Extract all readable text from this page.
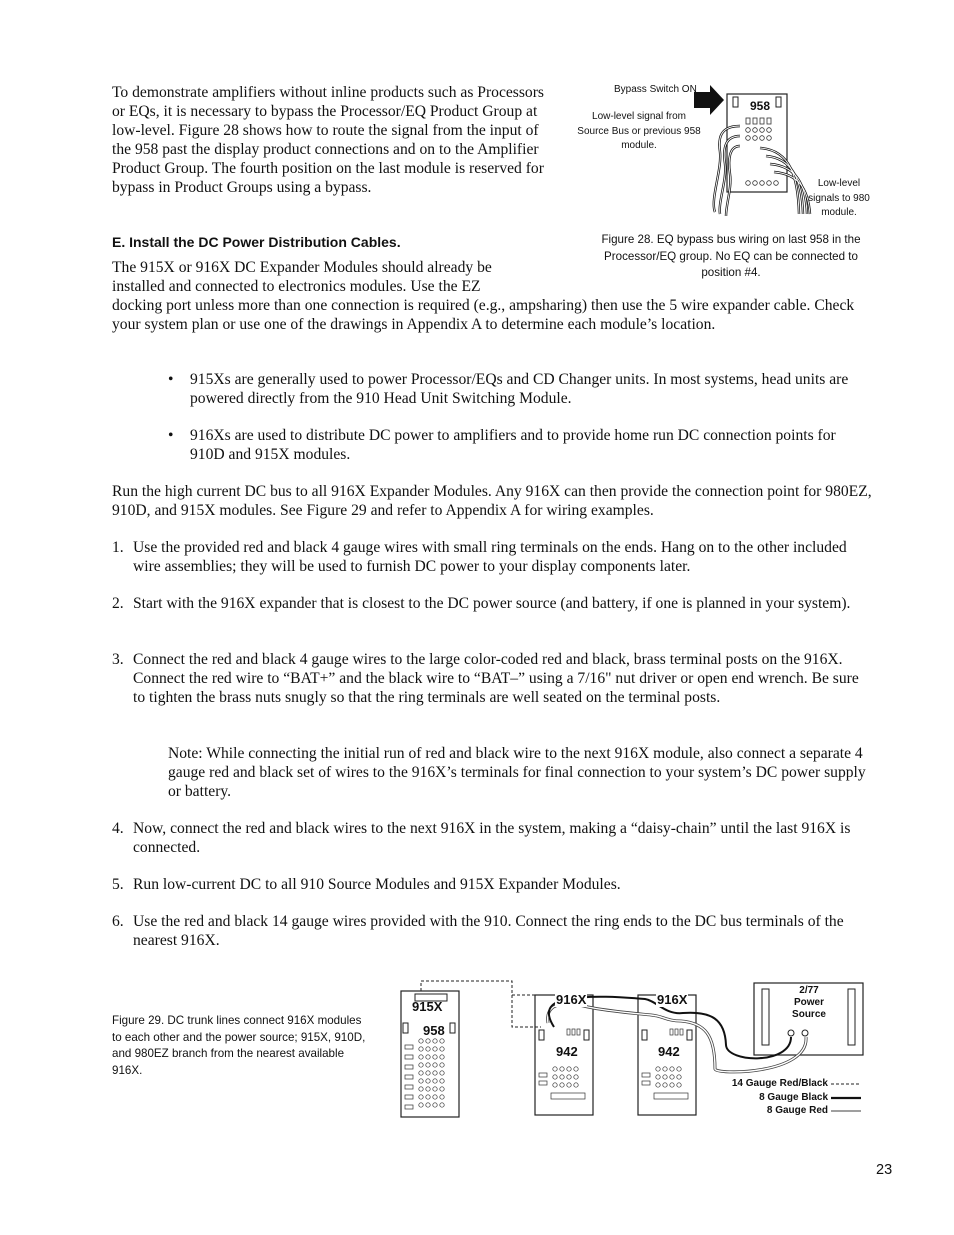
To demonstrate amplifiers without inline products such as Processors or EQs, it is necessary to bypass the Processor/EQ Product Group at low-level. Figure 28 shows how to route the signal from the input of the 958 past the display product connections and on to the Amplifier Product Group. The fourth position on the last module is reserved for bypass in Product Groups using a bypass.

Bypass Switch ON
Low-level signal from Source Bus or previous 958 module.
Low-level signals to 980 module.
958
Figure 28. EQ bypass bus wiring on last 958 in the Processor/EQ group. No EQ can be connected to position #4.
E. Install the DC Power Distribution Cables.

The 915X or 916X DC Expander Modules should already be installed and connected to electronics modules. Use the EZ

docking port unless more than one connection is required (e.g., ampsharing) then use the 5 wire expander cable. Check your system plan or use one of the drawings in Appendix A to determine each module’s location.

• 915Xs are generally used to power Processor/EQs and CD Changer units. In most systems, head units are powered directly from the 910 Head Unit Switching Module.
• 916Xs are used to distribute DC power to amplifiers and to provide home run DC connection points for 910D and 915X modules.

Run the high current DC bus to all 916X Expander Modules. Any 916X can then provide the connection point for 980EZ, 910D, and 915X modules. See Figure 29 and refer to Appendix A for wiring examples.

1. Use the provided red and black 4 gauge wires with small ring terminals on the ends. Hang on to the other included wire assemblies; they will be used to furnish DC power to your display components later.
2. Start with the 916X expander that is closest to the DC power source (and battery, if one is planned in your system).
3. Connect the red and black 4 gauge wires to the large color-coded red and black, brass terminal posts on the 916X. Connect the red wire to “BAT+” and the black wire to “BAT–” using a 7/16" nut driver or open end wrench. Be sure to tighten the brass nuts snugly so that the ring terminals are well seated on the terminal posts.

Note: While connecting the initial run of red and black wire to the next 916X module, also connect a separate 4 gauge red and black set of wires to the 916X’s terminals for final connection to your system’s DC power supply or battery.

4. Now, connect the red and black wires to the next 916X in the system, making a “daisy-chain” until the last 916X is connected.
5. Run low-current DC to all 910 Source Modules and 915X Expander Modules.
6. Use the red and black 14 gauge wires provided with the 910. Connect the ring ends to the DC bus terminals of the nearest 916X.
Figure 29. DC trunk lines connect 916X modules to each other and the power source; 915X, 910D, and 980EZ branch from the nearest available 916X.
915X
958
916X
942
916X
942
2/77
Power
Source
14 Gauge Red/Black
8 Gauge Black
8 Gauge Red
23
